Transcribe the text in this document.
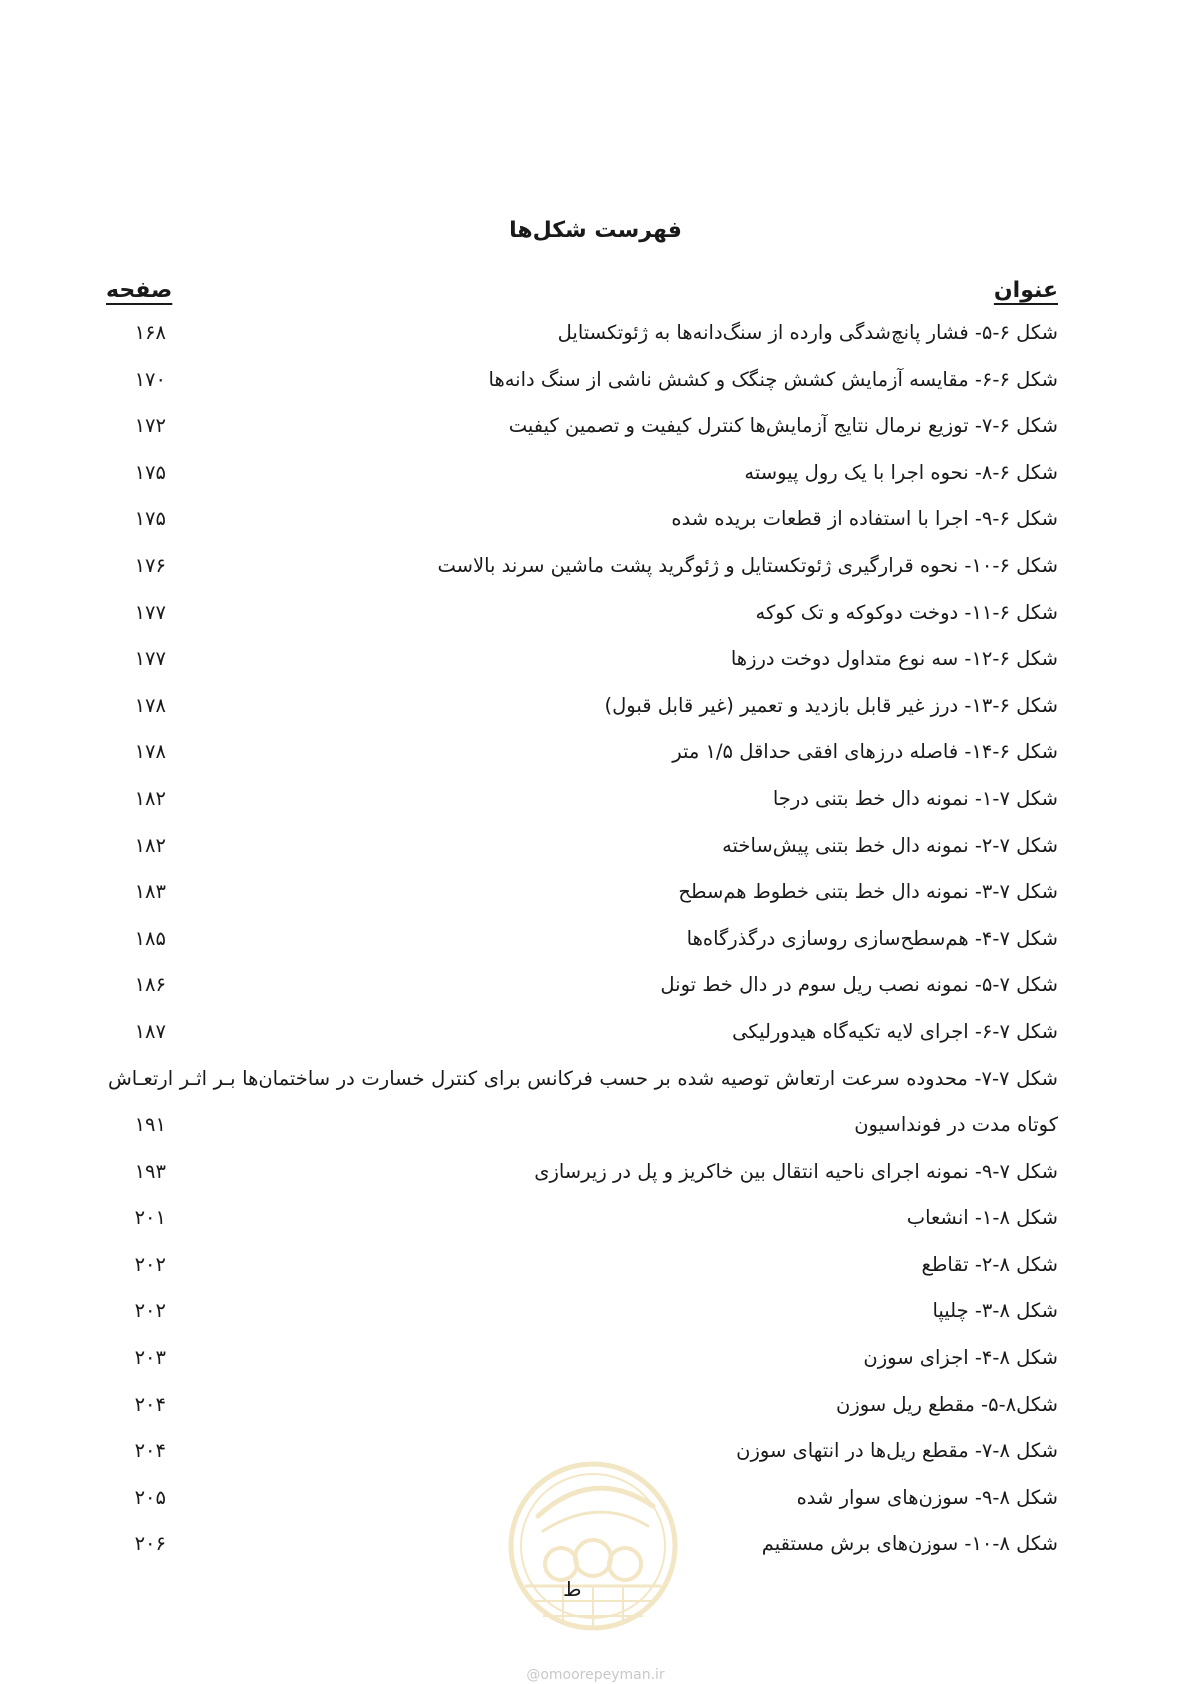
فهرست شکل‌ها
عنوان
صفحه
شکل ۶-۵- فشار پانچ‌شدگی وارده از سنگ‌دانه‌ها به ژئوتکستایل
۱۶۸
شکل ۶-۶- مقایسه آزمایش کشش چنگک و کشش ناشی از سنگ دانه‌ها
۱۷۰
شکل ۶-۷- توزیع نرمال نتایج آزمایش‌ها کنترل کیفیت و تصمین کیفیت
۱۷۲
شکل ۶-۸- نحوه اجرا با یک رول پیوسته
۱۷۵
شکل ۶-۹- اجرا با استفاده از قطعات بریده شده
۱۷۵
شکل ۶-۱۰- نحوه قرارگیری ژئوتکستایل و ژئوگرید پشت ماشین سرند بالاست
۱۷۶
شکل ۶-۱۱- دوخت دوکوکه و تک کوکه
۱۷۷
شکل ۶-۱۲- سه نوع متداول دوخت درزها
۱۷۷
شکل ۶-۱۳- درز غیر قابل بازدید و تعمیر (غیر قابل قبول)
۱۷۸
شکل ۶-۱۴- فاصله درزهای افقی حداقل ۱/۵ متر
۱۷۸
شکل ۷-۱- نمونه دال خط بتنی درجا
۱۸۲
شکل ۷-۲- نمونه دال خط بتنی پیش‌ساخته
۱۸۲
شکل ۷-۳- نمونه دال خط بتنی خطوط هم‌سطح
۱۸۳
شکل ۷-۴- هم‌سطح‌سازی روسازی درگذرگاه‌ها
۱۸۵
شکل ۷-۵- نمونه نصب ریل سوم در دال خط تونل
۱۸۶
شکل ۷-۶- اجرای لایه تکیه‌گاه هیدورلیکی
۱۸۷
شکل ۷-۷- محدوده سرعت ارتعاش توصیه شده بر حسب فرکانس برای کنترل خسارت در ساختمان‌ها بـر اثـر ارتعـاش
کوتاه مدت در فونداسیون
۱۹۱
شکل ۷-۹- نمونه اجرای ناحیه انتقال بین خاکریز و پل در زیرسازی
۱۹۳
شکل ۸-۱- انشعاب
۲۰۱
شکل ۸-۲- تقاطع
۲۰۲
شکل ۸-۳- چلیپا
۲۰۲
شکل ۸-۴- اجزای سوزن
۲۰۳
شکل۸-۵- مقطع ریل سوزن
۲۰۴
شکل ۸-۷- مقطع ریل‌ها در انتهای سوزن
۲۰۴
شکل ۸-۹- سوزن‌های سوار شده
۲۰۵
شکل ۸-۱۰- سوزن‌های برش مستقیم
۲۰۶
ط
@omoorepeyman.ir
